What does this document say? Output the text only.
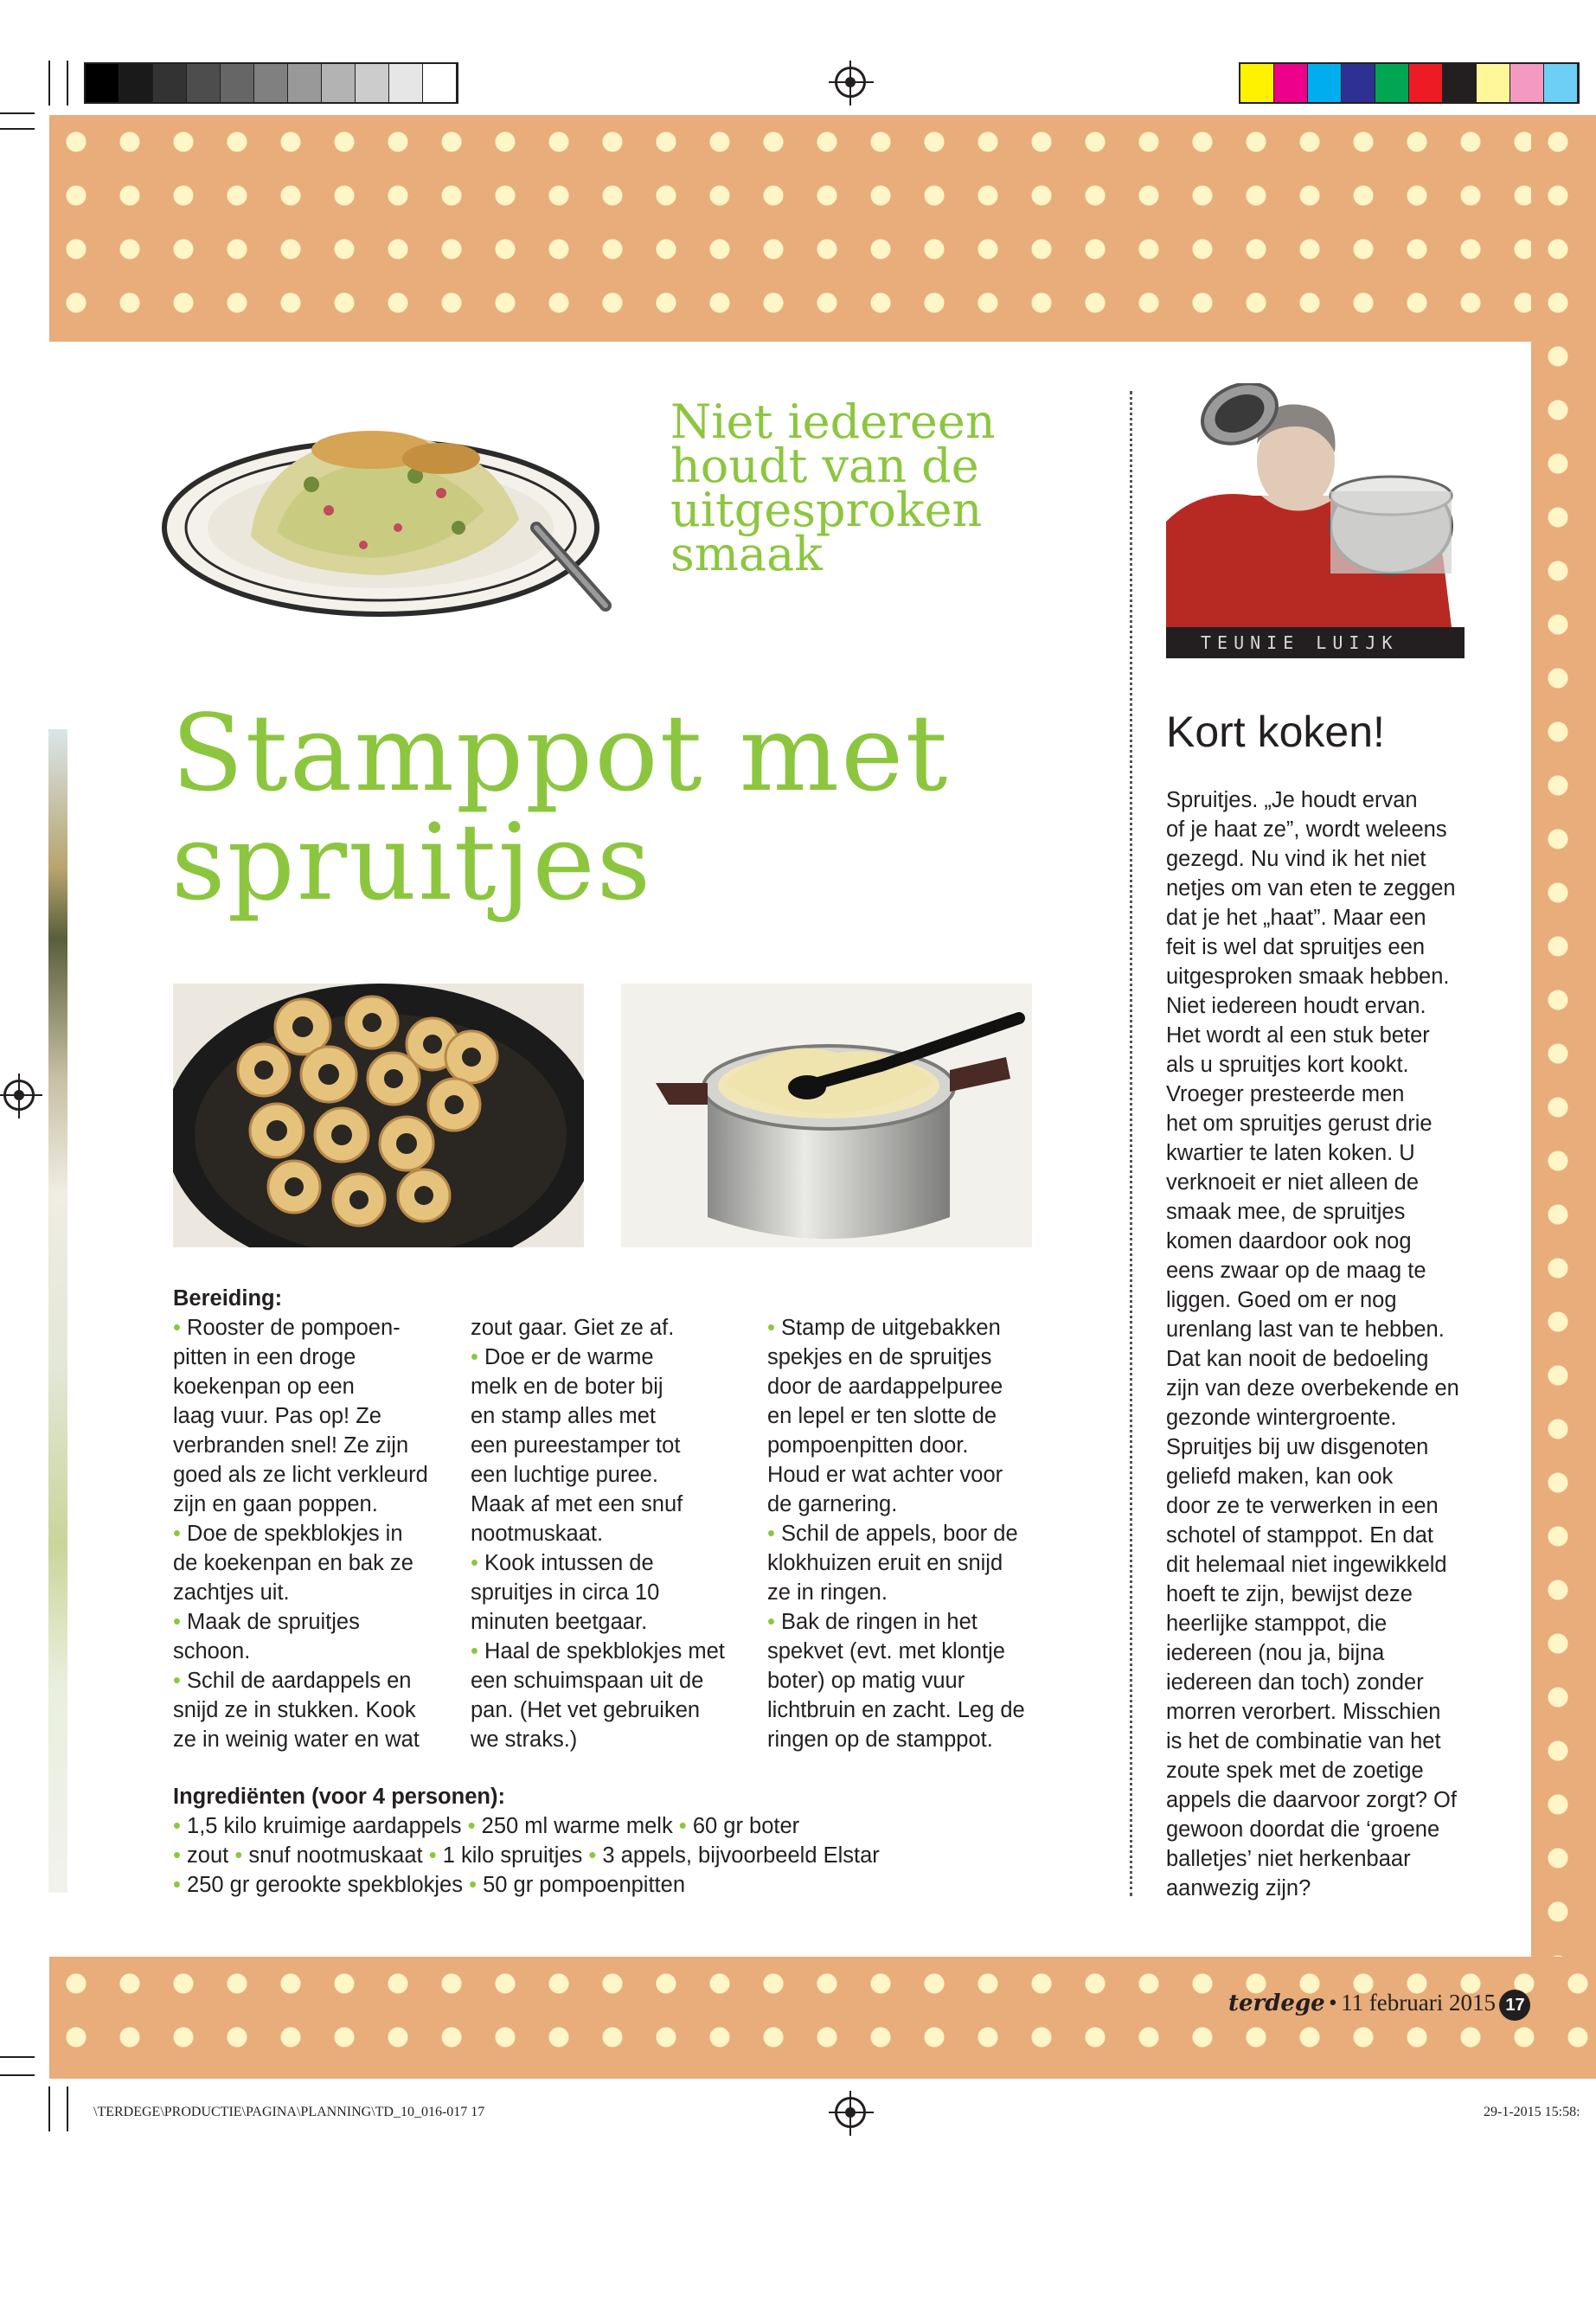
Niet iedereen
houdt van de
uitgesproken
smaak
Stamppot met
spruitjes
Bereiding:
• Rooster de pompoen-
pitten in een droge
koekenpan op een
laag vuur. Pas op! Ze
verbranden snel! Ze zijn
goed als ze licht verkleurd
zijn en gaan poppen.
• Doe de spekblokjes in
de koekenpan en bak ze
zachtjes uit.
• Maak de spruitjes
schoon.
• Schil de aardappels en
snijd ze in stukken. Kook
ze in weinig water en wat
zout gaar. Giet ze af.
• Doe er de warme
melk en de boter bij
en stamp alles met
een pureestamper tot
een luchtige puree.
Maak af met een snuf
nootmuskaat.
• Kook intussen de
spruitjes in circa 10
minuten beetgaar.
• Haal de spekblokjes met
een schuimspaan uit de
pan. (Het vet gebruiken
we straks.)
• Stamp de uitgebakken
spekjes en de spruitjes
door de aardappelpuree
en lepel er ten slotte de
pompoenpitten door.
Houd er wat achter voor
de garnering.
• Schil de appels, boor de
klokhuizen eruit en snijd
ze in ringen.
• Bak de ringen in het
spekvet (evt. met klontje
boter) op matig vuur
lichtbruin en zacht. Leg de
ringen op de stamppot.
Ingrediënten (voor 4 personen):
• 1,5 kilo kruimige aardappels • 250 ml warme melk • 60 gr boter
• zout • snuf nootmuskaat • 1 kilo spruitjes • 3 appels, bijvoorbeeld Elstar
• 250 gr gerookte spekblokjes • 50 gr pompoenpitten
TEUNIE LUIJK
Kort koken!
Spruitjes. „Je houdt ervan
of je haat ze”, wordt weleens
gezegd. Nu vind ik het niet
netjes om van eten te zeggen
dat je het „haat”. Maar een
feit is wel dat spruitjes een
uitgesproken smaak hebben.
Niet iedereen houdt ervan.
Het wordt al een stuk beter
als u spruitjes kort kookt.
Vroeger presteerde men
het om spruitjes gerust drie
kwartier te laten koken. U
verknoeit er niet alleen de
smaak mee, de spruitjes
komen daardoor ook nog
eens zwaar op de maag te
liggen. Goed om er nog
urenlang last van te hebben.
Dat kan nooit de bedoeling
zijn van deze overbekende en
gezonde wintergroente.
Spruitjes bij uw disgenoten
geliefd maken, kan ook
door ze te verwerken in een
schotel of stamppot. En dat
dit helemaal niet ingewikkeld
hoeft te zijn, bewijst deze
heerlijke stamppot, die
iedereen (nou ja, bijna
iedereen dan toch) zonder
morren verorbert. Misschien
is het de combinatie van het
zoute spek met de zoetige
appels die daarvoor zorgt? Of
gewoon doordat die ‘groene
balletjes’ niet herkenbaar
aanwezig zijn?
terdege • 11 februari 2015 17
\TERDEGE\PRODUCTIE\PAGINA\PLANNING\TD_10_016-017 17	29-1-2015 15:58:
